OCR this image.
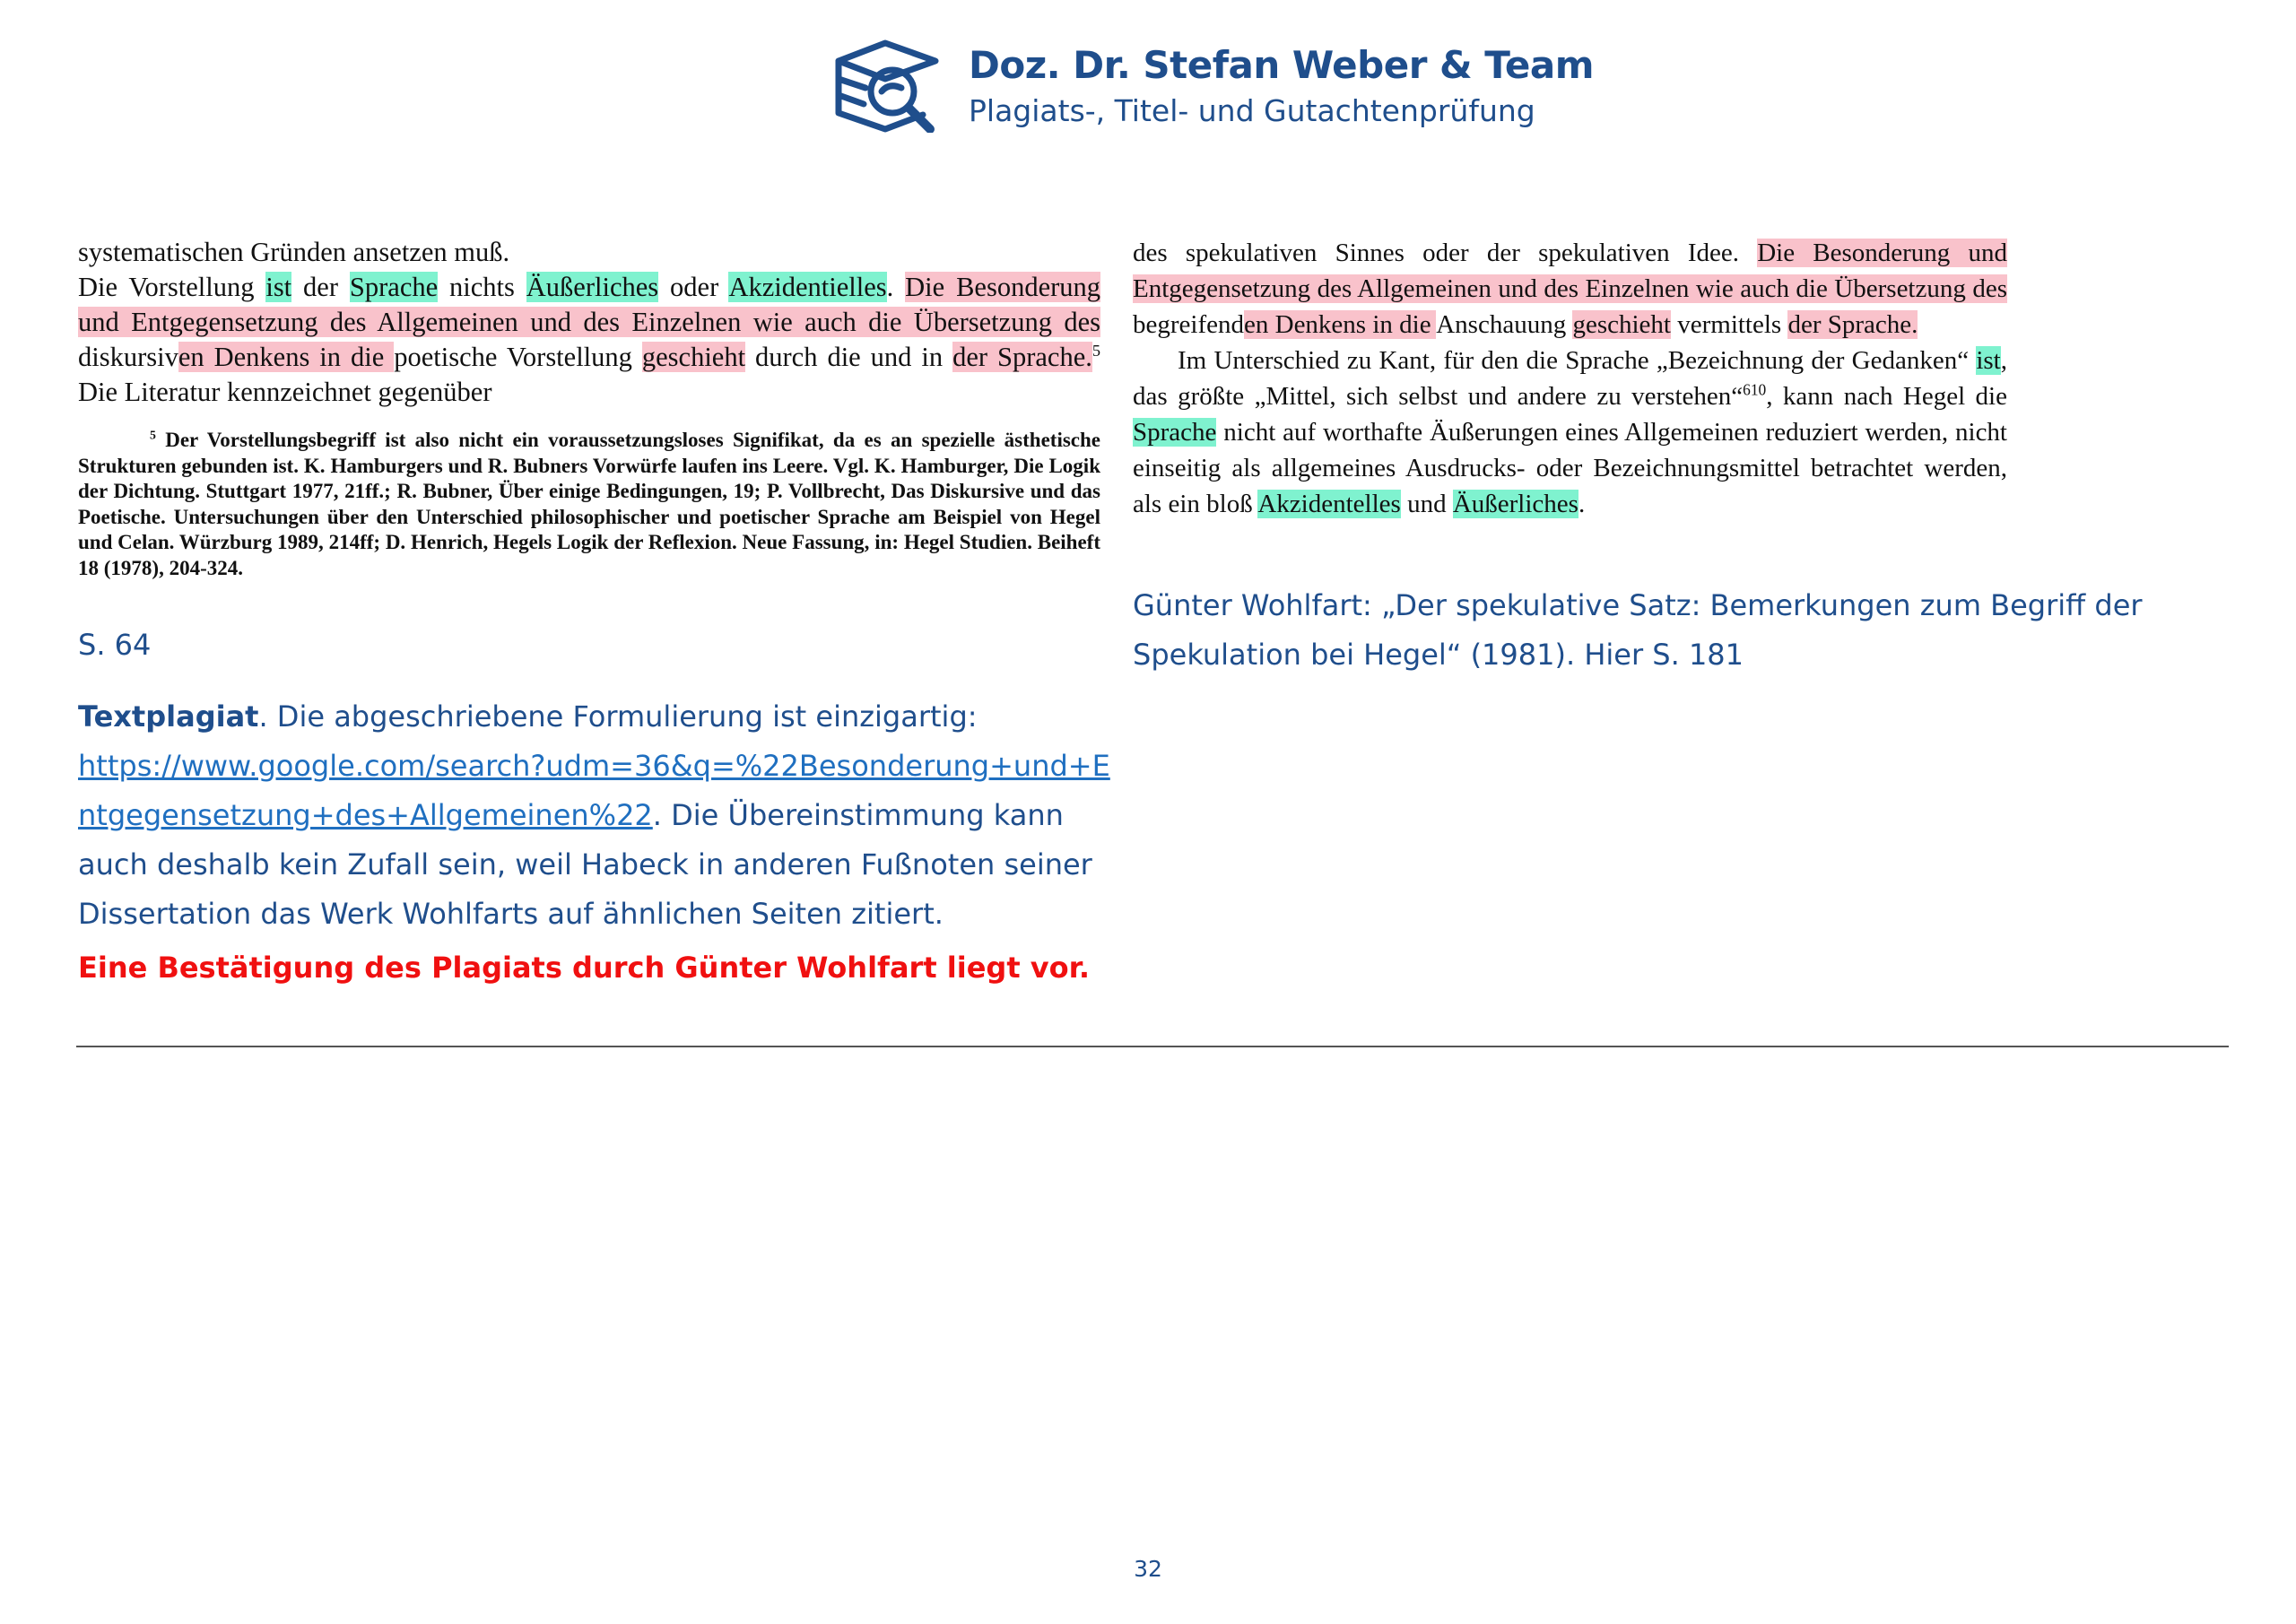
Doz. Dr. Stefan Weber & Team
Plagiats-, Titel- und Gutachtenprüfung

systematischen Gründen ansetzen muß.
Die Vorstellung ist der Sprache nichts Äußerliches oder Akzidentielles. Die Besonderung und Entgegensetzung des Allgemeinen und des Einzelnen wie auch die Übersetzung des diskursiven Denkens in die poetische Vorstellung geschieht durch die und in der Sprache.$^5$ Die Literatur kennzeichnet gegenüber

$^5$ Der Vorstellungsbegriff ist also nicht ein voraussetzungsloses Signifikat, da es an spezielle ästhetische Strukturen gebunden ist. K. Hamburgers und R. Bubners Vorwürfe laufen ins Leere. Vgl. K. Hamburger, Die Logik der Dichtung. Stuttgart 1977, 21ff.; R. Bubner, Über einige Bedingungen, 19; P. Vollbrecht, Das Diskursive und das Poetische. Untersuchungen über den Unterschied philosophischer und poetischer Sprache am Beispiel von Hegel und Celan. Würzburg 1989, 214ff; D. Henrich, Hegels Logik der Reflexion. Neue Fassung, in: Hegel Studien. Beiheft 18 (1978), 204-324.

des spekulativen Sinnes oder der spekulativen Idee. Die Besonderung und Entgegensetzung des Allgemeinen und des Einzelnen wie auch die Übersetzung des begreifenden Denkens in die Anschauung geschieht vermittels der Sprache.

Im Unterschied zu Kant, für den die Sprache „Bezeichnung der Gedanken“ ist, das größte „Mittel, sich selbst und andere zu verstehen“$^{610}$, kann nach Hegel die Sprache nicht auf worthafte Äußerungen eines Allgemeinen reduziert werden, nicht einseitig als allgemeines Ausdrucks- oder Bezeichnungsmittel betrachtet werden, als ein bloß Akzidentelles und Äußerliches.

S. 64
Textplagiat. Die abgeschriebene Formulierung ist einzigartig:
https://www.google.com/search?udm=36&q=%22Besonderung+und+Entgegensetzung+des+Allgemeinen%22. Die Übereinstimmung kann auch deshalb kein Zufall sein, weil Habeck in anderen Fußnoten seiner Dissertation das Werk Wohlfarts auf ähnlichen Seiten zitiert.
Eine Bestätigung des Plagiats durch Günter Wohlfart liegt vor.
Günter Wohlfart: „Der spekulative Satz: Bemerkungen zum Begriff der Spekulation bei Hegel“ (1981). Hier S. 181
32
